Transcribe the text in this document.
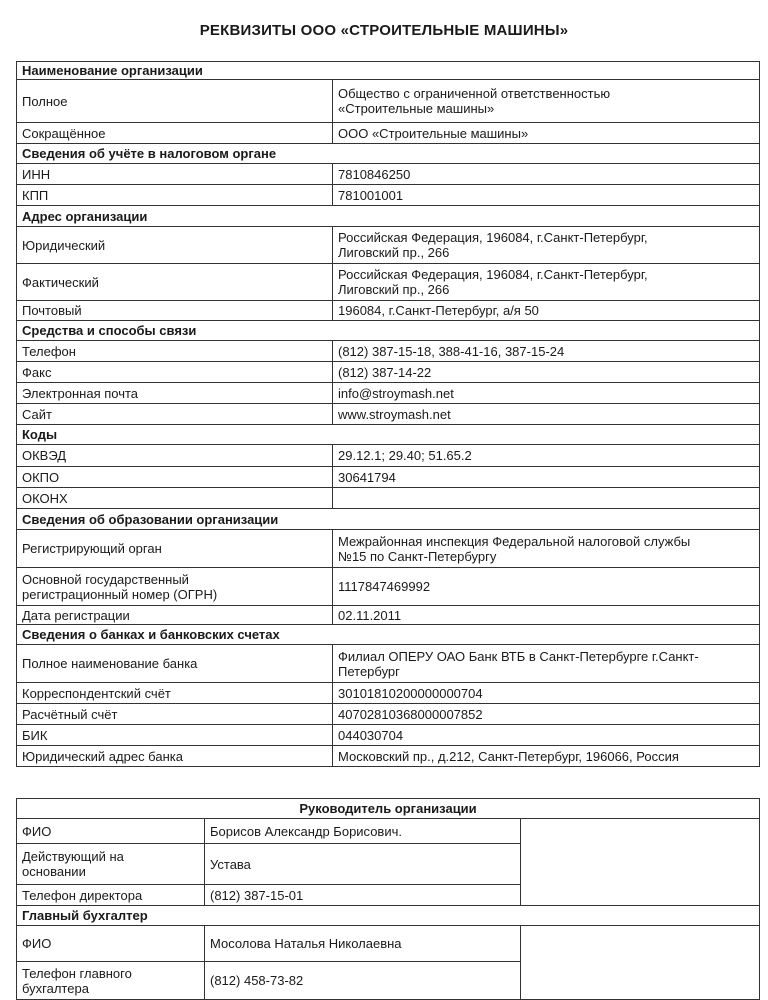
РЕКВИЗИТЫ ООО «СТРОИТЕЛЬНЫЕ МАШИНЫ»
Наименование организации	
Полное	Общество с ограниченной ответственностью
«Строительные машины»
Сокращённое	ООО «Строительные машины»
Сведения об учёте в налоговом органе	
ИНН	7810846250
КПП	781001001
Адрес организации	
Юридический	Российская Федерация, 196084, г.Санкт-Петербург,
Лиговский пр., 266
Фактический	Российская Федерация, 196084, г.Санкт-Петербург,
Лиговский пр., 266
Почтовый	196084, г.Санкт-Петербург, а/я 50
Средства и способы связи	
Телефон	(812) 387-15-18, 388-41-16, 387-15-24
Факс	(812) 387-14-22
Электронная почта	info@stroymash.net
Сайт	www.stroymash.net
Коды	
ОКВЭД	29.12.1; 29.40; 51.65.2
ОКПО	30641794
ОКОНХ	
Сведения об образовании организации	
Регистрирующий орган	Межрайонная инспекция Федеральной налоговой службы
№15 по Санкт-Петербургу
Основной государственный
регистрационный номер (ОГРН)	1117847469992
Дата регистрации	02.11.2011
Сведения о банках и банковских счетах	
Полное наименование банка	Филиал ОПЕРУ ОАО Банк ВТБ в Санкт-Петербурге г.Санкт-
Петербург
Корреспондентский счёт	30101810200000000704
Расчётный счёт	40702810368000007852
БИК	044030704
Юридический адрес банка	Московский пр., д.212, Санкт-Петербург, 196066, Россия
Руководитель организации		
ФИО	Борисов Александр Борисович.	
Действующий на
основании	Устава	
Телефон директора	(812) 387-15-01	
Главный бухгалтер		
ФИО	Мосолова Наталья Николаевна	
Телефон главного
бухгалтера	(812) 458-73-82	
